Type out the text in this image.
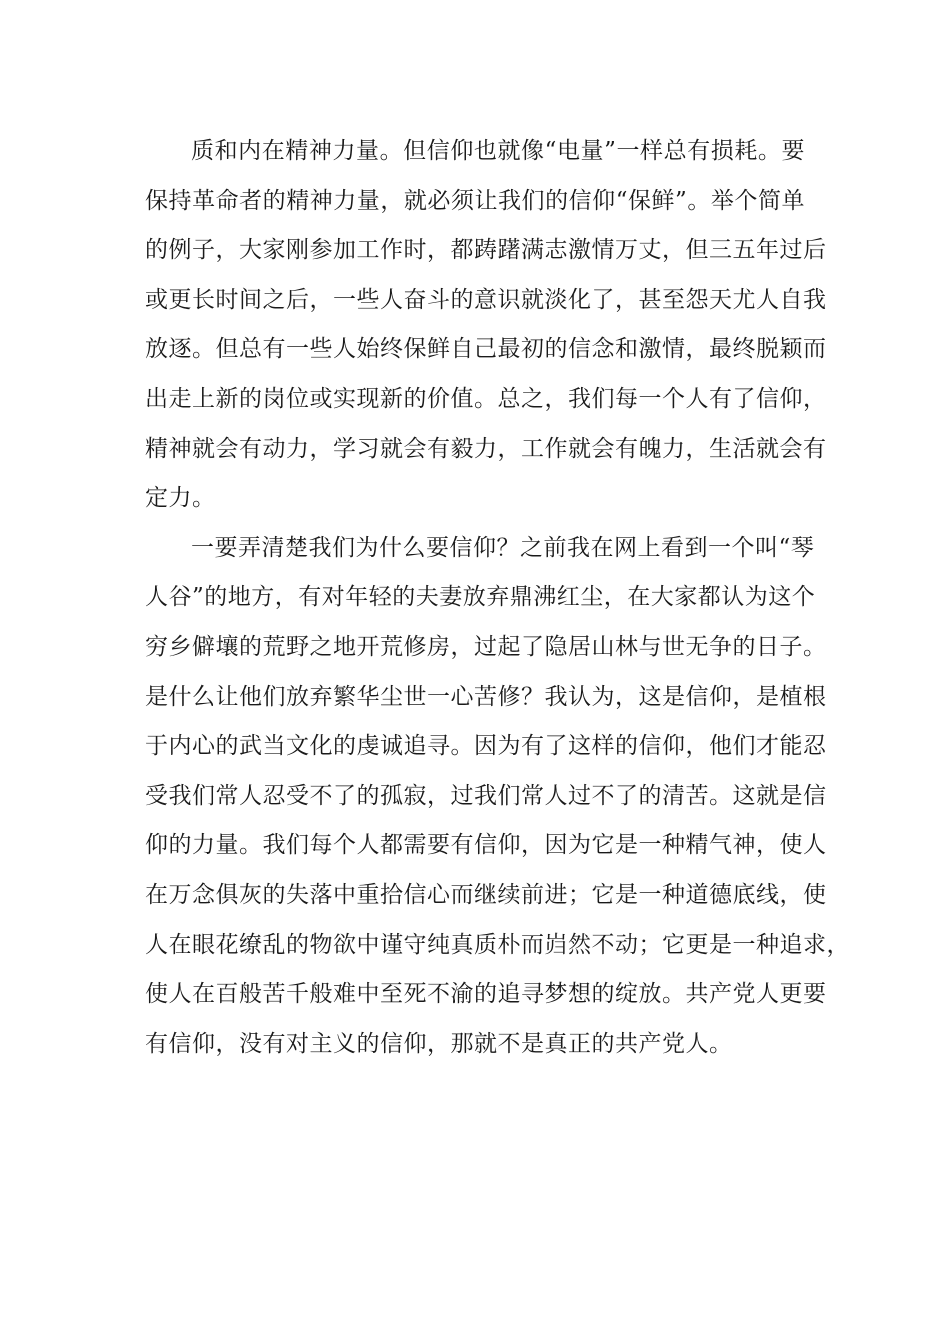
质和内在精神力量。但信仰也就像“电量”一样总有损耗。要
保持革命者的精神力量，就必须让我们的信仰“保鲜”。举个简单
的例子，大家刚参加工作时，都踌躇满志激情万丈，但三五年过后
或更长时间之后，一些人奋斗的意识就淡化了，甚至怨天尤人自我
放逐。但总有一些人始终保鲜自己最初的信念和激情，最终脱颖而
出走上新的岗位或实现新的价值。总之，我们每一个人有了信仰，
精神就会有动力，学习就会有毅力，工作就会有魄力，生活就会有
定力。
一要弄清楚我们为什么要信仰？之前我在网上看到一个叫“琴
人谷”的地方，有对年轻的夫妻放弃鼎沸红尘，在大家都认为这个
穷乡僻壤的荒野之地开荒修房，过起了隐居山林与世无争的日子。
是什么让他们放弃繁华尘世一心苦修？我认为，这是信仰，是植根
于内心的武当文化的虔诚追寻。因为有了这样的信仰，他们才能忍
受我们常人忍受不了的孤寂，过我们常人过不了的清苦。这就是信
仰的力量。我们每个人都需要有信仰，因为它是一种精气神，使人
在万念俱灰的失落中重拾信心而继续前进；它是一种道德底线，使
人在眼花缭乱的物欲中谨守纯真质朴而岿然不动；它更是一种追求，
使人在百般苦千般难中至死不渝的追寻梦想的绽放。共产党人更要
有信仰，没有对主义的信仰，那就不是真正的共产党人。
